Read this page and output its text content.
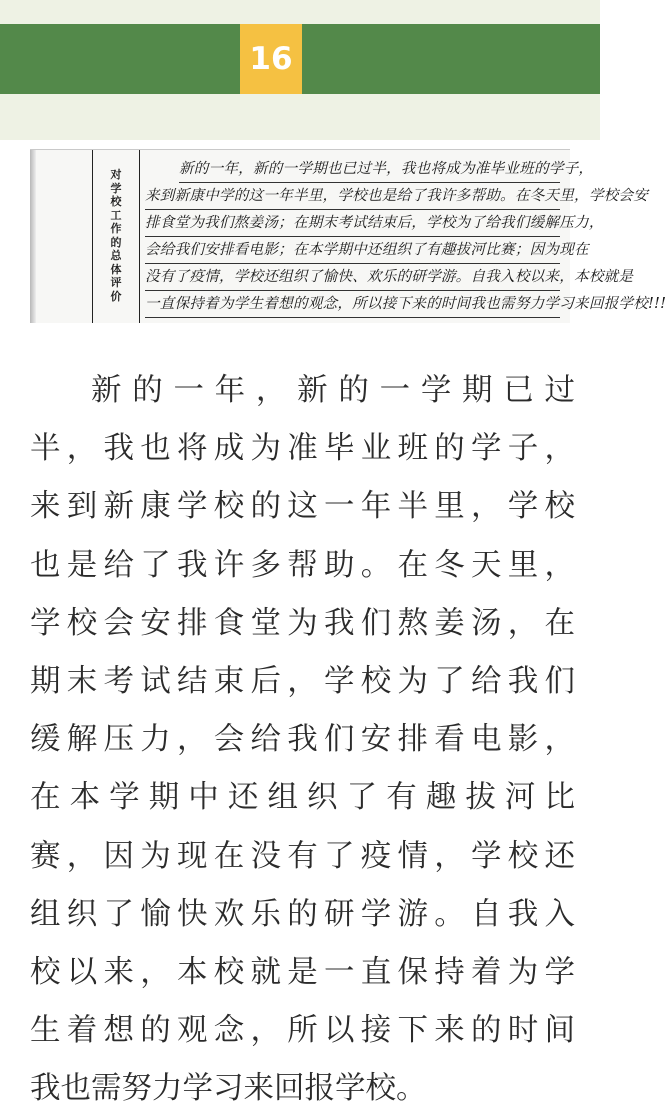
16
对
学
校
工
作
的
总
体
评
价
新的一年，新的一学期也已过半，我也将成为准毕业班的学子，
来到新康中学的这一年半里，学校也是给了我许多帮助。在冬天里，学校会安
排食堂为我们熬姜汤；在期末考试结束后，学校为了给我们缓解压力，
会给我们安排看电影；在本学期中还组织了有趣拔河比赛；因为现在
没有了疫情，学校还组织了愉快、欢乐的研学游。自我入校以来，本校就是
一直保持着为学生着想的观念，所以接下来的时间我也需努力学习来回报学校!!!
新的一年，新的一学期已过
半，我也将成为准毕业班的学子，
来到新康学校的这一年半里，学校
也是给了我许多帮助。在冬天里，
学校会安排食堂为我们熬姜汤，在
期末考试结束后，学校为了给我们
缓解压力，会给我们安排看电影，
在本学期中还组织了有趣拔河比
赛，因为现在没有了疫情，学校还
组织了愉快欢乐的研学游。自我入
校以来，本校就是一直保持着为学
生着想的观念，所以接下来的时间
我也需努力学习来回报学校。
